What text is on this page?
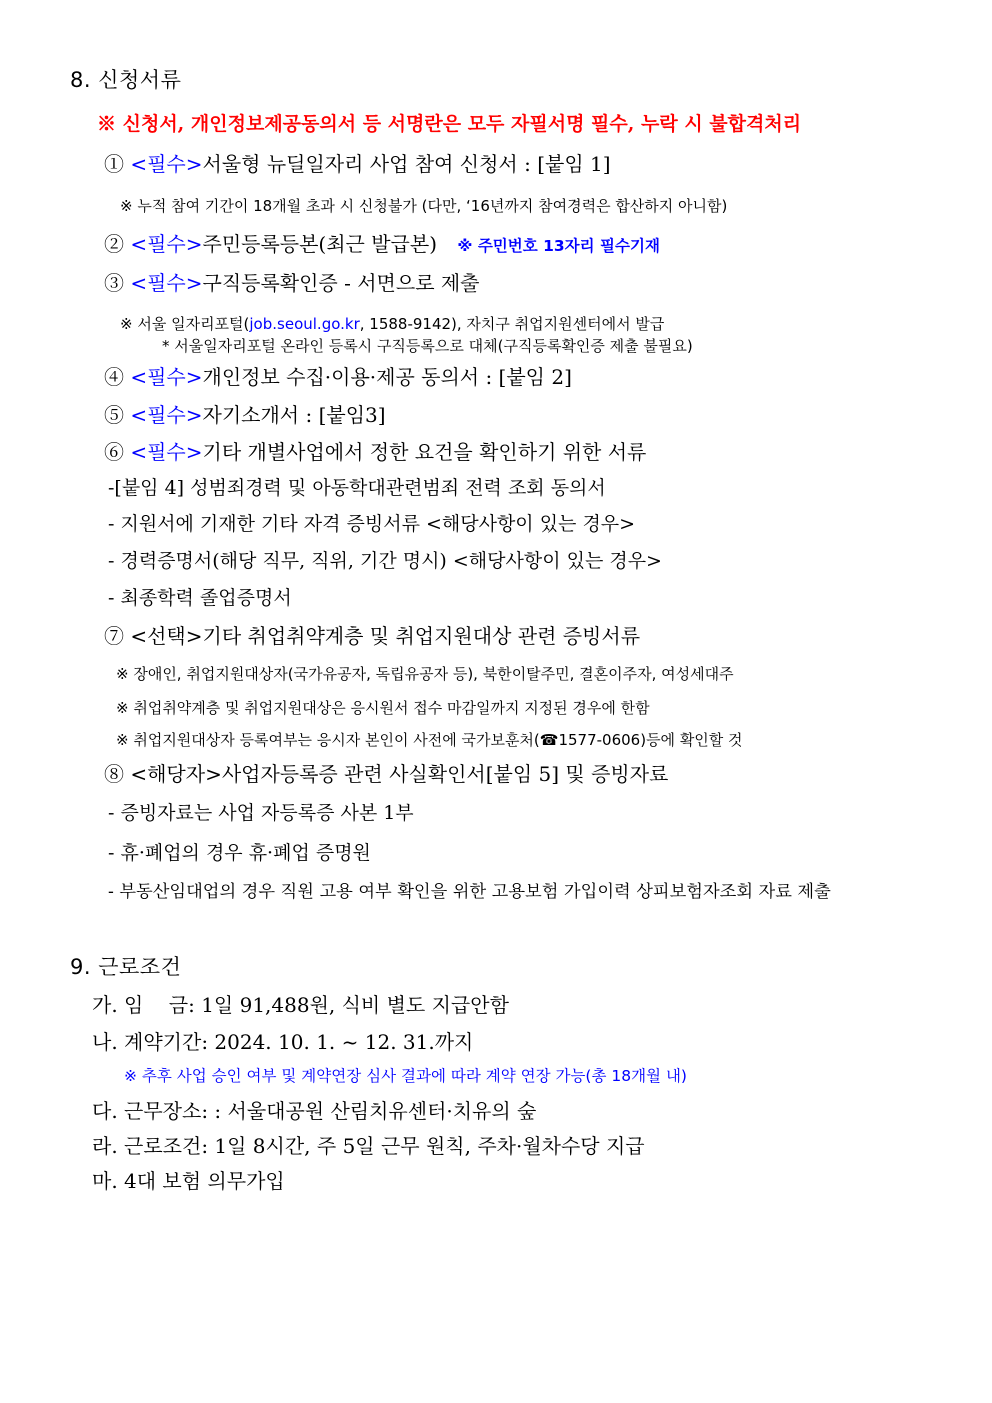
8. 신청서류
※ 신청서, 개인정보제공동의서 등 서명란은 모두 자필서명 필수, 누락 시 불합격처리
① <필수>서울형 뉴딜일자리 사업 참여 신청서 : [붙임 1]
※ 누적 참여 기간이 18개월 초과 시 신청불가 (다만, ‘16년까지 참여경력은 합산하지 아니함)
② <필수>주민등록등본(최근 발급본) ※ 주민번호 13자리 필수기재
③ <필수>구직등록확인증 - 서면으로 제출
※ 서울 일자리포털(job.seoul.go.kr, 1588-9142), 자치구 취업지원센터에서 발급
* 서울일자리포털 온라인 등록시 구직등록으로 대체(구직등록확인증 제출 불필요)
④ <필수>개인정보 수집·이용·제공 동의서 : [붙임 2]
⑤ <필수>자기소개서 : [붙임3]
⑥ <필수>기타 개별사업에서 정한 요건을 확인하기 위한 서류
-[붙임 4] 성범죄경력 및 아동학대관련범죄 전력 조회 동의서
- 지원서에 기재한 기타 자격 증빙서류 <해당사항이 있는 경우>
- 경력증명서(해당 직무, 직위, 기간 명시) <해당사항이 있는 경우>
- 최종학력 졸업증명서
⑦ <선택>기타 취업취약계층 및 취업지원대상 관련 증빙서류
※ 장애인, 취업지원대상자(국가유공자, 독립유공자 등), 북한이탈주민, 결혼이주자, 여성세대주
※ 취업취약계층 및 취업지원대상은 응시원서 접수 마감일까지 지정된 경우에 한함
※ 취업지원대상자 등록여부는 응시자 본인이 사전에 국가보훈처(☎1577-0606)등에 확인할 것
⑧ <해당자>사업자등록증 관련 사실확인서[붙임 5] 및 증빙자료
- 증빙자료는 사업 자등록증 사본 1부
- 휴·폐업의 경우 휴·폐업 증명원
- 부동산임대업의 경우 직원 고용 여부 확인을 위한 고용보험 가입이력 상피보험자조회 자료 제출
9. 근로조건
가. 임    금: 1일 91,488원, 식비 별도 지급안함
나. 계약기간: 2024. 10. 1. ~ 12. 31.까지
※ 추후 사업 승인 여부 및 계약연장 심사 결과에 따라 계약 연장 가능(총 18개월 내)
다. 근무장소: : 서울대공원 산림치유센터·치유의 숲
라. 근로조건: 1일 8시간, 주 5일 근무 원칙, 주차·월차수당 지급
마. 4대 보험 의무가입
